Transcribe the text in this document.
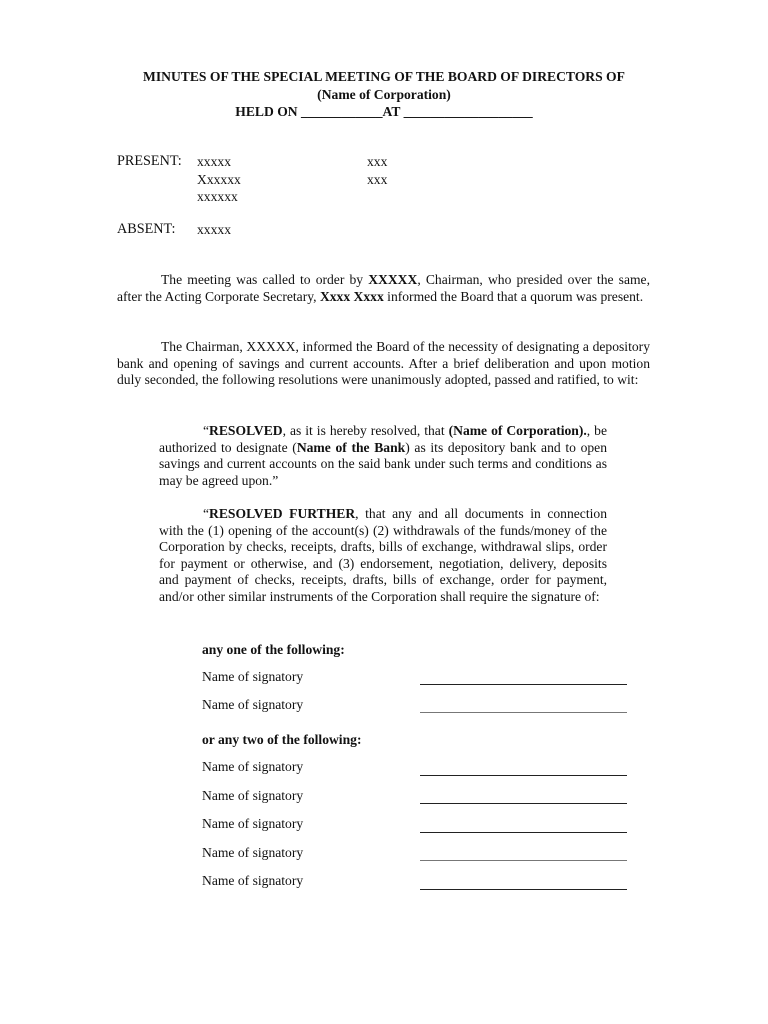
MINUTES OF THE SPECIAL MEETING OF THE BOARD OF DIRECTORS OF
(Name of Corporation)
HELD ON ____________AT ___________________
PRESENT: xxxxx
Xxxxxx
xxxxxx
xxx
xxx
ABSENT: xxxxx
The meeting was called to order by XXXXX, Chairman, who presided over the same, after the Acting Corporate Secretary, Xxxx Xxxx informed the Board that a quorum was present.
The Chairman, XXXXX, informed the Board of the necessity of designating a depository bank and opening of savings and current accounts. After a brief deliberation and upon motion duly seconded, the following resolutions were unanimously adopted, passed and ratified, to wit:
“RESOLVED, as it is hereby resolved, that (Name of Corporation)., be authorized to designate (Name of the Bank) as its depository bank and to open savings and current accounts on the said bank under such terms and conditions as may be agreed upon.”
“RESOLVED FURTHER, that any and all documents in connection with the (1) opening of the account(s) (2) withdrawals of the funds/money of the Corporation by checks, receipts, drafts, bills of exchange, withdrawal slips, order for payment or otherwise, and (3) endorsement, negotiation, delivery, deposits and payment of checks, receipts, drafts, bills of exchange, order for payment, and/or other similar instruments of the Corporation shall require the signature of:
any one of the following:
Name of signatory
Name of signatory
or any two of the following:
Name of signatory
Name of signatory
Name of signatory
Name of signatory
Name of signatory
